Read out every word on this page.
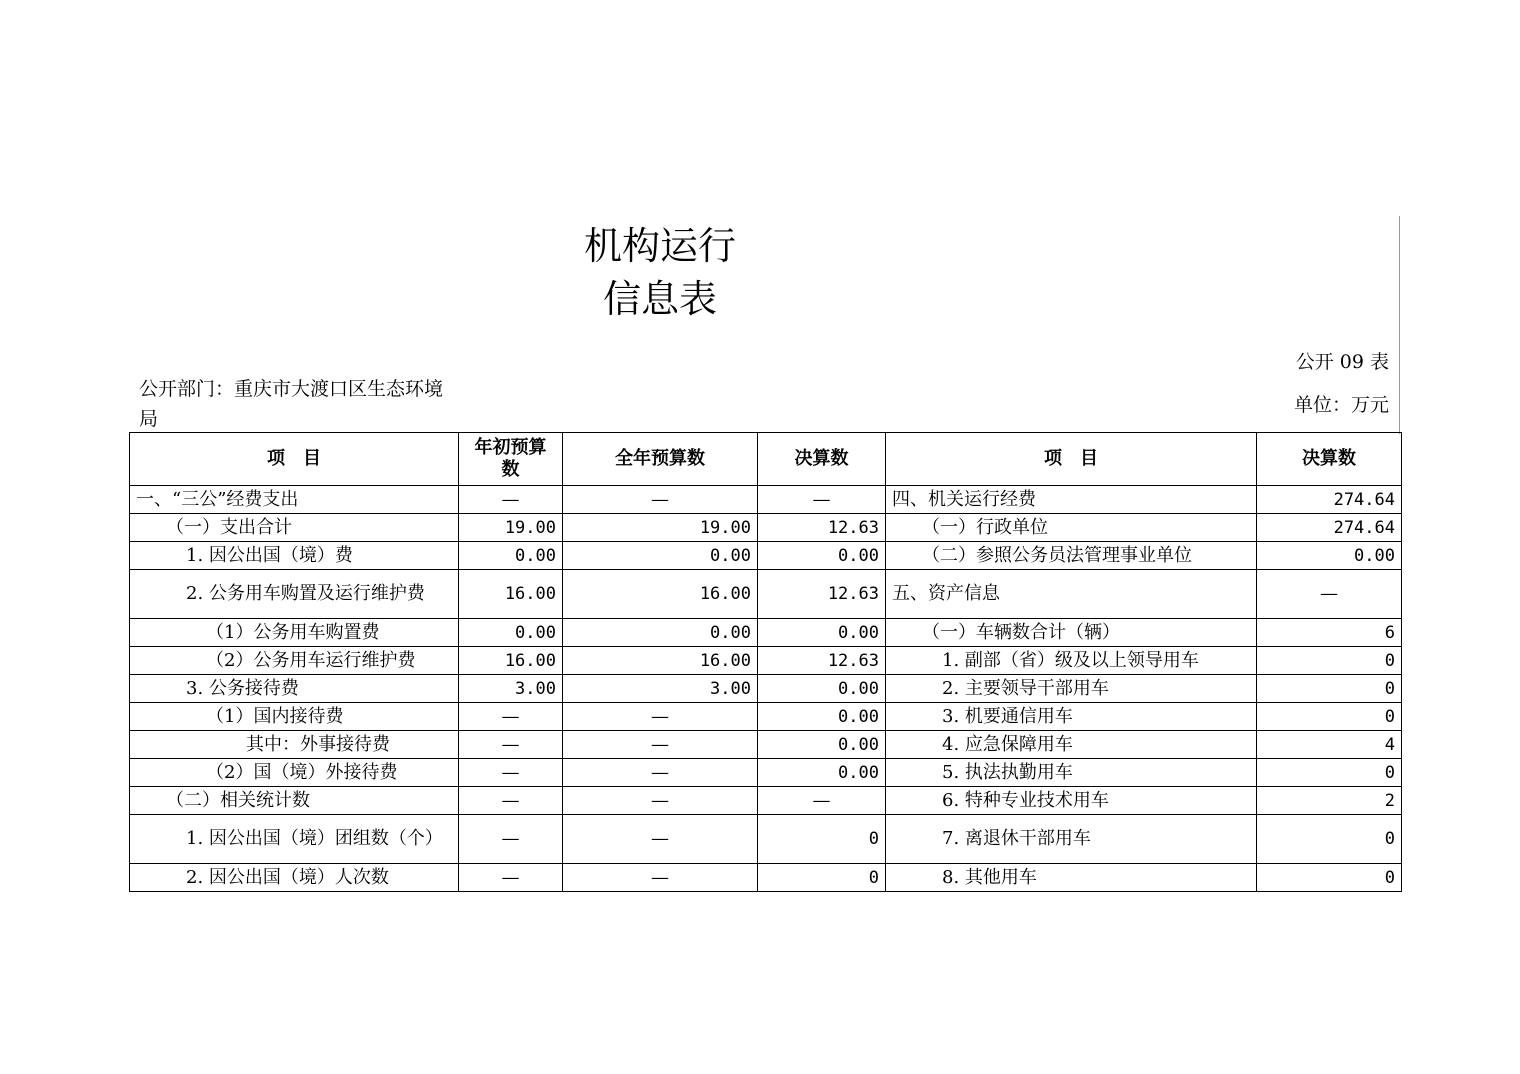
机构运行
信息表
公开 09 表
单位：万元
公开部门：重庆市大渡口区生态环境局
项　目	年初预算数	全年预算数	决算数	项　目	决算数
一、“三公”经费支出	—	—	—	四、机关运行经费	274.64
（一）支出合计	19.00	19.00	12.63	（一）行政单位	274.64
1. 因公出国（境）费	0.00	0.00	0.00	（二）参照公务员法管理事业单位	0.00
2. 公务用车购置及运行维护费	16.00	16.00	12.63	五、资产信息	—
（1）公务用车购置费	0.00	0.00	0.00	（一）车辆数合计（辆）	6
（2）公务用车运行维护费	16.00	16.00	12.63	1. 副部（省）级及以上领导用车	0
3. 公务接待费	3.00	3.00	0.00	2. 主要领导干部用车	0
（1）国内接待费	—	—	0.00	3. 机要通信用车	0
其中：外事接待费	—	—	0.00	4. 应急保障用车	4
（2）国（境）外接待费	—	—	0.00	5. 执法执勤用车	0
（二）相关统计数	—	—	—	6. 特种专业技术用车	2
1. 因公出国（境）团组数（个）	—	—	0	7. 离退休干部用车	0
2. 因公出国（境）人次数	—	—	0	8. 其他用车	0
